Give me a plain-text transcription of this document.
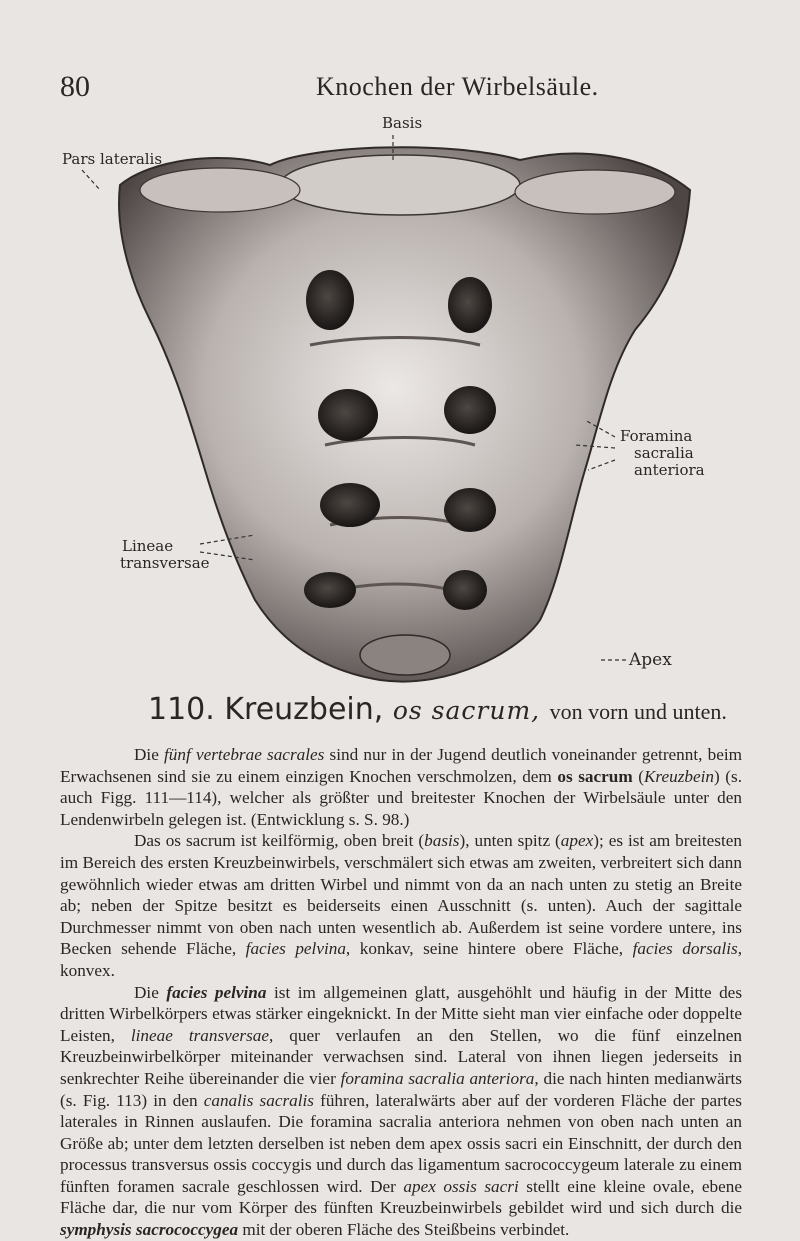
80	Knochen der Wirbelsäule.
Basis
Pars lateralis
Foramina
sacralia
anteriora
Lineae
transversae
Apex
110. Kreuzbein, os sacrum, von vorn und unten.

Die fünf vertebrae sacrales sind nur in der Jugend deutlich voneinander getrennt, beim Erwachsenen sind sie zu einem einzigen Knochen verschmolzen, dem os sacrum (Kreuzbein) (s. auch Figg. 111—114), welcher als größter und breitester Knochen der Wirbelsäule unter den Lendenwirbeln gelegen ist. (Entwicklung s. S. 98.)

Das os sacrum ist keilförmig, oben breit (basis), unten spitz (apex); es ist am breitesten im Bereich des ersten Kreuzbeinwirbels, verschmälert sich etwas am zweiten, verbreitert sich dann gewöhnlich wieder etwas am dritten Wirbel und nimmt von da an nach unten zu stetig an Breite ab; neben der Spitze besitzt es beiderseits einen Ausschnitt (s. unten). Auch der sagittale Durchmesser nimmt von oben nach unten wesentlich ab. Außerdem ist seine vordere untere, ins Becken sehende Fläche, facies pelvina, konkav, seine hintere obere Fläche, facies dorsalis, konvex.

Die facies pelvina ist im allgemeinen glatt, ausgehöhlt und häufig in der Mitte des dritten Wirbelkörpers etwas stärker eingeknickt. In der Mitte sieht man vier einfache oder doppelte Leisten, lineae transversae, quer verlaufen an den Stellen, wo die fünf einzelnen Kreuzbeinwirbelkörper miteinander verwachsen sind. Lateral von ihnen liegen jederseits in senkrechter Reihe übereinander die vier foramina sacralia anteriora, die nach hinten medianwärts (s. Fig. 113) in den canalis sacralis führen, lateralwärts aber auf der vorderen Fläche der partes laterales in Rinnen auslaufen. Die foramina sacralia anteriora nehmen von oben nach unten an Größe ab; unter dem letzten derselben ist neben dem apex ossis sacri ein Einschnitt, der durch den processus transversus ossis coccygis und durch das ligamentum sacrococcygeum laterale zu einem fünften foramen sacrale geschlossen wird. Der apex ossis sacri stellt eine kleine ovale, ebene Fläche dar, die nur vom Körper des fünften Kreuzbeinwirbels gebildet wird und sich durch die symphysis sacrococcygea mit der oberen Fläche des Steißbeins verbindet.
